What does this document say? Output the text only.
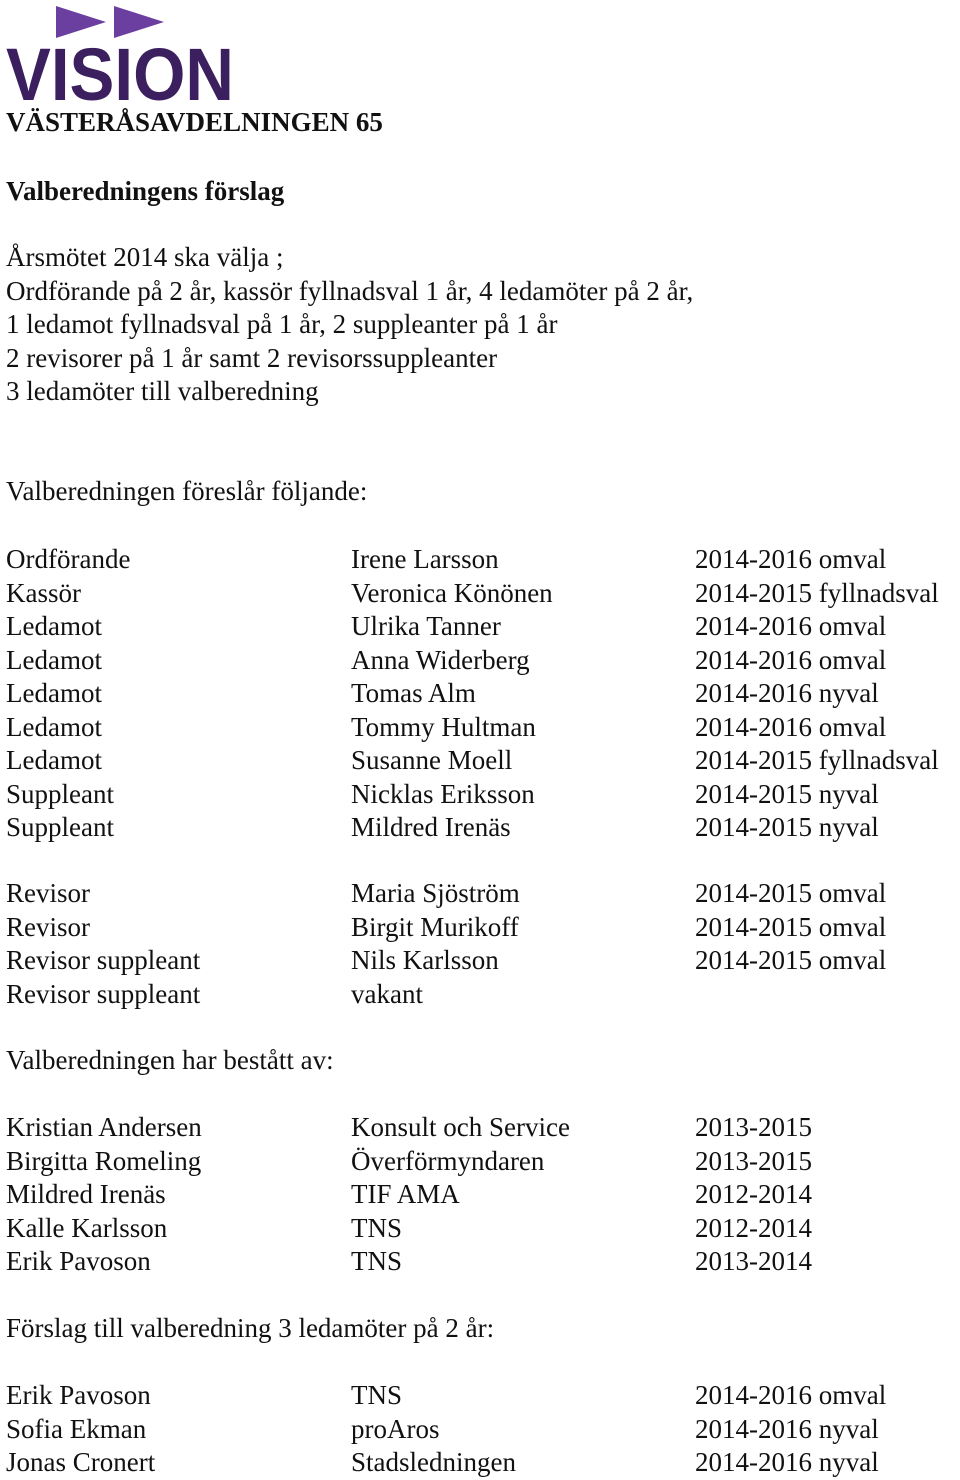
VISION
VÄSTERÅSAVDELNINGEN 65
Valberedningens förslag
Årsmötet 2014 ska välja ;
Ordförande på 2 år, kassör fyllnadsval 1 år, 4 ledamöter på 2 år,
1 ledamot fyllnadsval på 1 år, 2 suppleanter på 1 år
2 revisorer på 1 år samt 2 revisorssuppleanter
3 ledamöter till valberedning
Valberedningen föreslår följande:
Ordförande	Irene Larsson	2014-2016 omval
Kassör	Veronica Könönen	2014-2015 fyllnadsval
Ledamot	Ulrika Tanner	2014-2016 omval
Ledamot	Anna Widerberg	2014-2016 omval
Ledamot	Tomas Alm	2014-2016 nyval
Ledamot	Tommy Hultman	2014-2016 omval
Ledamot	Susanne Moell	2014-2015 fyllnadsval
Suppleant	Nicklas Eriksson	2014-2015 nyval
Suppleant	Mildred Irenäs	2014-2015 nyval
Revisor	Maria Sjöström	2014-2015 omval
Revisor	Birgit Murikoff	2014-2015 omval
Revisor suppleant	Nils Karlsson	2014-2015 omval
Revisor suppleant	vakant
Valberedningen har bestått av:
Kristian Andersen	Konsult och Service	2013-2015
Birgitta Romeling	Överförmyndaren	2013-2015
Mildred Irenäs	TIF AMA	2012-2014
Kalle Karlsson	TNS	2012-2014
Erik Pavoson	TNS	2013-2014
Förslag till valberedning 3 ledamöter på 2 år:
Erik Pavoson	TNS	2014-2016 omval
Sofia Ekman	proAros	2014-2016 nyval
Jonas Cronert	Stadsledningen	2014-2016 nyval
